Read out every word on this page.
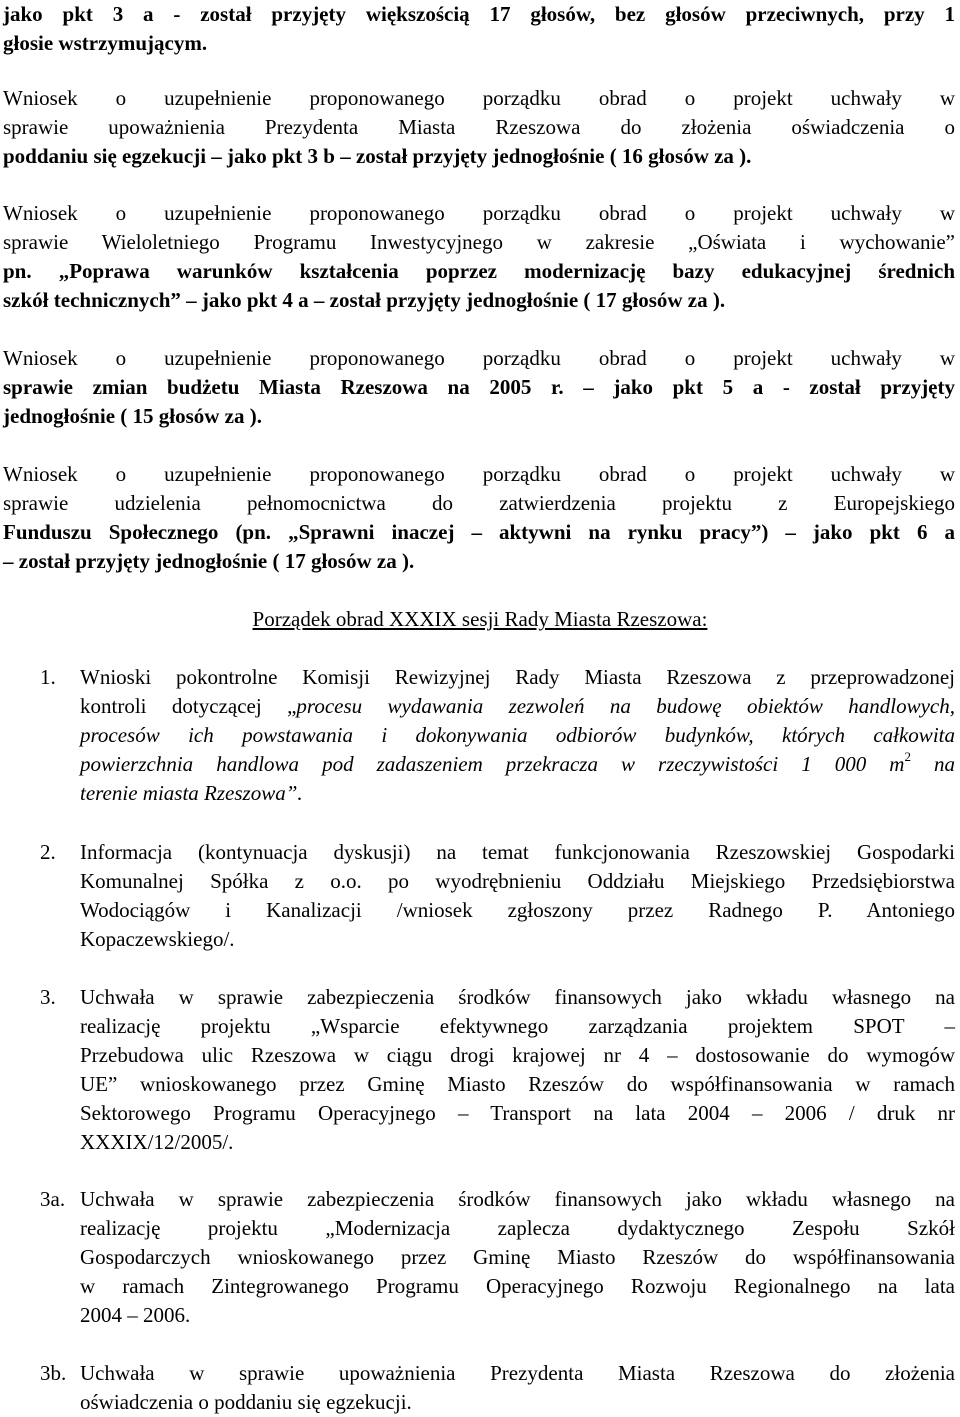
jako pkt 3 a - został przyjęty większością 17 głosów, bez głosów przeciwnych, przy 1
głosie wstrzymującym.
Wniosek o uzupełnienie proponowanego porządku obrad o projekt uchwały w
sprawie upoważnienia Prezydenta Miasta Rzeszowa do złożenia oświadczenia o
poddaniu się egzekucji – jako pkt 3 b – został przyjęty jednogłośnie ( 16 głosów za ).
Wniosek o uzupełnienie proponowanego porządku obrad o projekt uchwały w
sprawie Wieloletniego Programu Inwestycyjnego w zakresie „Oświata i wychowanie”
pn. „Poprawa warunków kształcenia poprzez modernizację bazy edukacyjnej średnich
szkół technicznych” – jako pkt 4 a – został przyjęty jednogłośnie ( 17 głosów za ).
Wniosek o uzupełnienie proponowanego porządku obrad o projekt uchwały w
sprawie zmian budżetu Miasta Rzeszowa na 2005 r. – jako pkt 5 a - został przyjęty
jednogłośnie ( 15 głosów za ).
Wniosek o uzupełnienie proponowanego porządku obrad o projekt uchwały w
sprawie udzielenia pełnomocnictwa do zatwierdzenia projektu z Europejskiego
Funduszu Społecznego (pn. „Sprawni inaczej – aktywni na rynku pracy”) – jako pkt 6 a
– został przyjęty jednogłośnie ( 17 głosów za ).
Porządek obrad XXXIX sesji Rady Miasta Rzeszowa:
1. Wnioski pokontrolne Komisji Rewizyjnej Rady Miasta Rzeszowa z przeprowadzonej
kontroli dotyczącej „procesu wydawania zezwoleń na budowę obiektów handlowych,
procesów ich powstawania i dokonywania odbiorów budynków, których całkowita
powierzchnia handlowa pod zadaszeniem przekracza w rzeczywistości 1 000 $m^2$ na
terenie miasta Rzeszowa”.
2. Informacja (kontynuacja dyskusji) na temat funkcjonowania Rzeszowskiej Gospodarki
Komunalnej Spółka z o.o. po wyodrębnieniu Oddziału Miejskiego Przedsiębiorstwa
Wodociągów i Kanalizacji /wniosek zgłoszony przez Radnego P. Antoniego
Kopaczewskiego/.
3. Uchwała w sprawie zabezpieczenia środków finansowych jako wkładu własnego na
realizację projektu „Wsparcie efektywnego zarządzania projektem SPOT –
Przebudowa ulic Rzeszowa w ciągu drogi krajowej nr 4 – dostosowanie do wymogów
UE” wnioskowanego przez Gminę Miasto Rzeszów do współfinansowania w ramach
Sektorowego Programu Operacyjnego – Transport na lata 2004 – 2006 / druk nr
XXXIX/12/2005/.
3a. Uchwała w sprawie zabezpieczenia środków finansowych jako wkładu własnego na
realizację projektu „Modernizacja zaplecza dydaktycznego Zespołu Szkół
Gospodarczych wnioskowanego przez Gminę Miasto Rzeszów do współfinansowania
w ramach Zintegrowanego Programu Operacyjnego Rozwoju Regionalnego na lata
2004 – 2006.
3b. Uchwała w sprawie upoważnienia Prezydenta Miasta Rzeszowa do złożenia
oświadczenia o poddaniu się egzekucji.
